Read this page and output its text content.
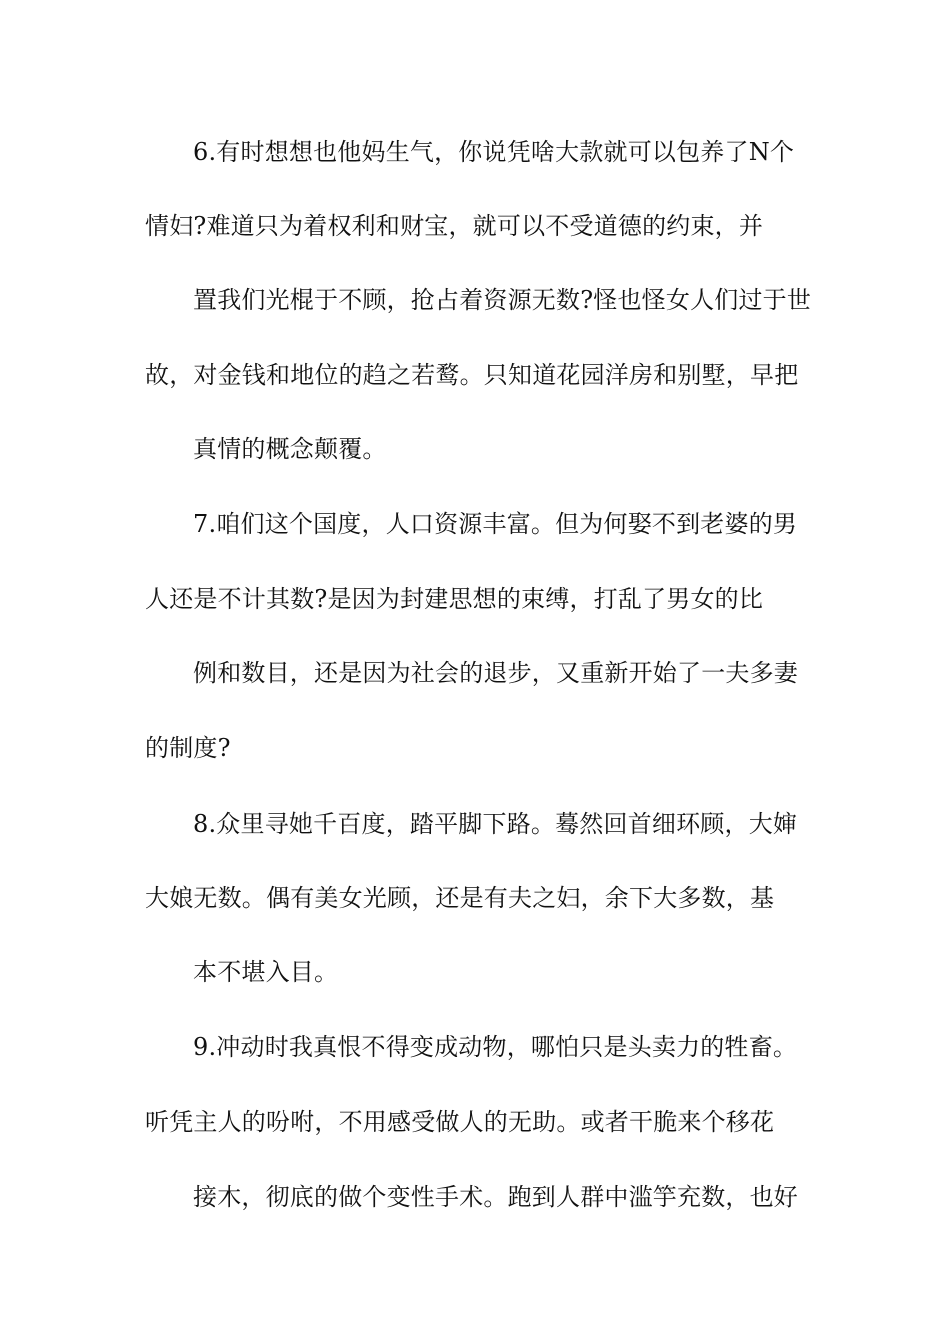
6.有时想想也他妈生气，你说凭啥大款就可以包养了N个
情妇?难道只为着权利和财宝，就可以不受道德的约束，并
置我们光棍于不顾，抢占着资源无数?怪也怪女人们过于世
故，对金钱和地位的趋之若鹜。只知道花园洋房和别墅，早把
真情的概念颠覆。
7.咱们这个国度，人口资源丰富。但为何娶不到老婆的男
人还是不计其数?是因为封建思想的束缚，打乱了男女的比
例和数目，还是因为社会的退步，又重新开始了一夫多妻
的制度?
8.众里寻她千百度，踏平脚下路。蓦然回首细环顾，大婶
大娘无数。偶有美女光顾，还是有夫之妇，余下大多数，基
本不堪入目。
9.冲动时我真恨不得变成动物，哪怕只是头卖力的牲畜。
听凭主人的吩咐，不用感受做人的无助。或者干脆来个移花
接木，彻底的做个变性手术。跑到人群中滥竽充数，也好
